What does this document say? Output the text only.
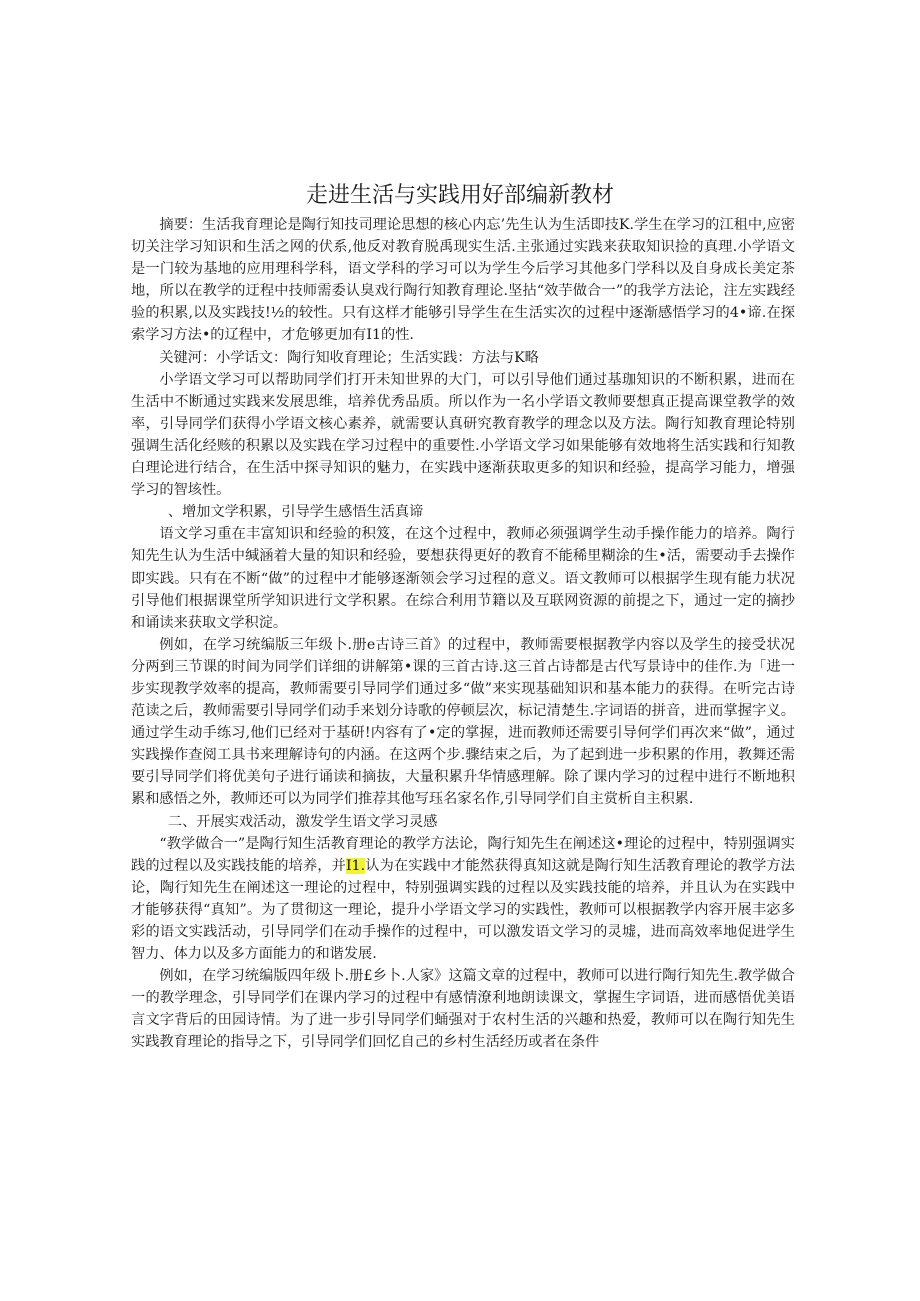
走进生活与实践用好部编新教材

摘要：生活我育理论是陶行知技司理论思想的核心内忘’先生认为生活即技K.学生在学习的江租中,应密切关注学习知识和生活之网的伏系,他反对教育脱禹现实生活.主张通过实践来获取知识捡的真理.小学语文是一门较为基地的应用理科学科，语文学科的学习可以为学生今后学习其他多门学科以及自身成长美定茶地，所以在教学的迂程中技师需委认臭戏行陶行知教育理论.坚拈“效芋做合一”的我学方法论，注左实践经验的积累,以及实践技!½的较性。只有这样才能够引导学生在生活实次的过程中逐渐感悟学习的4•谛.在探索学习方法•的辽程中，才危够更加有I1的性.

关键河：小学话文：陶行知收育理论；生活实践：方法与K略

小学语文学习可以帮助同学们打开未知世界的大门，可以引导他们通过基珈知识的不断积累，进而在生活中不断通过实践来发展思维，培养优秀品质。所以作为一名小学语文教师要想真正提高课堂教学的效率，引导同学们获得小学语文核心素养，就需要认真研究教育教学的理念以及方法。陶行知教育理论特别强调生活化经赅的积累以及实践在学习过程中的重要性.小学语文学习如果能够有效地将生活实践和行知教白理论进行结合，在生活中探寻知识的魅力，在实践中逐渐获取更多的知识和经验，提高学习能力，增强学习的智垓性。

、增加文学积累，引导学生感悟生活真谛

语文学习重在丰富知识和经验的积笈，在这个过程中，教师必须强调学生动手操作能力的培养。陶行知先生认为生活中缄涵着大量的知识和经验，要想获得更好的教育不能稀里糊涂的生•活，需要动手去操作即实践。只有在不断“做”的过程中才能够逐渐领会学习过程的意义。语文教师可以根据学生现有能力状况引导他们根据课堂所学知识进行文学积累。在综合利用节籍以及互联网资源的前提之下，通过一定的摘抄和诵读来获取文学积淀。

例如，在学习统编版三年级卜.册e古诗三首》的过程中，教师需要根据教学内容以及学生的接受状况分两到三节课的时间为同学们详细的讲解第•课的三首古诗.这三首占诗都是古代写景诗中的佳作.为「进一步实现教学效率的提高，教师需要引导同学们通过多“做”来实现基础知识和基本能力的获得。在听完古诗范读之后，教师需要引导同学们动手来划分诗歌的停顿层次，标记清楚生.字词语的拼音，进而掌握字义。通过学生动手练习,他们已经对于基研!内容有了•定的掌握，进而教师还需要引导何学们再次来“做”，通过实践操作查阅工具书来理解诗句的内涵。在这两个步.骤结束之后，为了起到进一步积累的作用，教舞还需要引导同学们将优美句子进行诵读和摘抜，大量积累升华情感理解。除了课内学习的过程中进行不断地积累和感悟之外，教师还可以为同学们推荐其他写珏名家名作,引导同学们自主赏析自主积累.

二、开展实戏活动，激发学生语文学习灵感

“教学做合一”是陶行知生活教育理论的教学方法论，陶行知先生在阐述这•理论的过程中，特别强调实践的过程以及实践技能的培养，并I1.认为在实践中才能然获得真知这就是陶行知生活教育理论的教学方法论，陶行知先生在阐述这一理论的过程中，特别强调实践的过程以及实践技能的培养，并且认为在实践中才能够获得“真知”。为了贯彻这一理论，提升小学语文学习的实践性，教师可以根据教学内容开展丰宓多彩的语文实践活动，引导同学们在动手操作的过程中，可以激发语文学习的灵墟，进而高效率地促进学生智力、体力以及多方面能力的和谐发展.

例如，在学习统编版四年级卜.册£乡卜.人家》这篇文章的过程中，教师可以进行陶行知先生.教学做合一的教学理念，引导同学们在课内学习的过程中有感情潦利地朗读课文，掌握生字词语，进而感悟优美语言文字背后的田园诗情。为了进一步引导同学们蛹强对于农村生活的兴趣和热爱，教师可以在陶行知先生实践教育理论的指导之下，引导同学们回忆自己的乡村生活经历或者在条件
